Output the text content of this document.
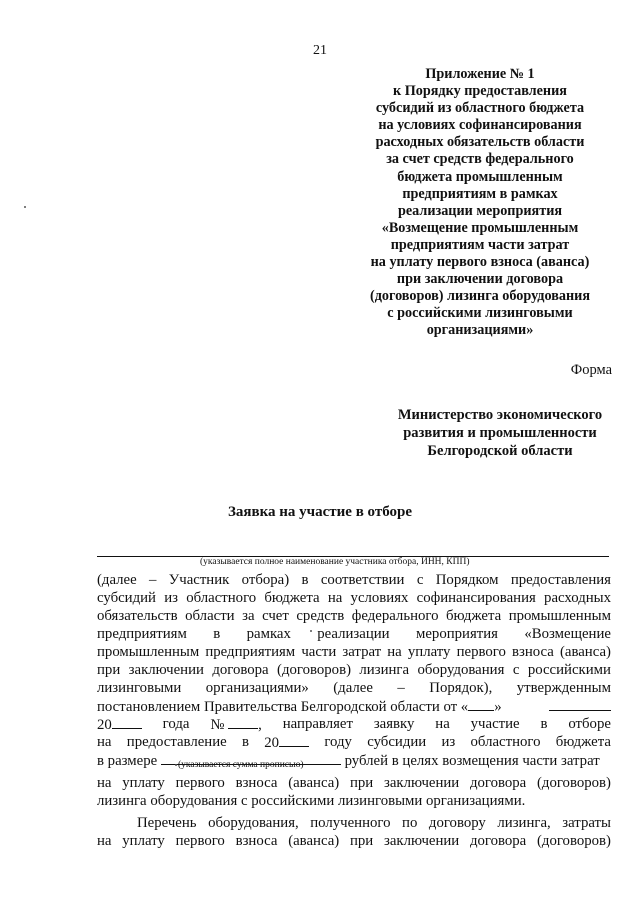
21
Приложение № 1
к Порядку предоставления
субсидий из областного бюджета
на условиях софинансирования
расходных обязательств области
за счет средств федерального
бюджета промышленным
предприятиям в рамках
реализации мероприятия
«Возмещение промышленным
предприятиям части затрат
на уплату первого взноса (аванса)
при заключении договора
(договоров) лизинга оборудования
с российскими лизинговыми
организациями»
Форма
Министерство экономического
развития и промышленности
Белгородской области
Заявка на участие в отборе
(указывается полное наименование участника отбора, ИНН, КПП)
(далее – Участник отбора) в соответствии с Порядком предоставления
субсидий из областного бюджета на условиях софинансирования расходных
обязательств области за счет средств федерального бюджета промышленным
предприятиям в рамках реализации мероприятия «Возмещение
промышленным предприятиям части затрат на уплату первого взноса (аванса)
при заключении договора (договоров) лизинга оборудования с российскими
лизинговыми организациями» (далее – Порядок), утвержденным
постановлением Правительства Белгородской области от « »
20	года № , направляет заявку на участие в отборе
на предоставление в 20	году субсидии из областного бюджета
в размере	рублей в целях возмещения части затрат
(указывается сумма прописью)
на уплату первого взноса (аванса) при заключении договора (договоров)
лизинга оборудования с российскими лизинговыми организациями.
Перечень оборудования, полученного по договору лизинга, затраты
на уплату первого взноса (аванса) при заключении договора (договоров)
